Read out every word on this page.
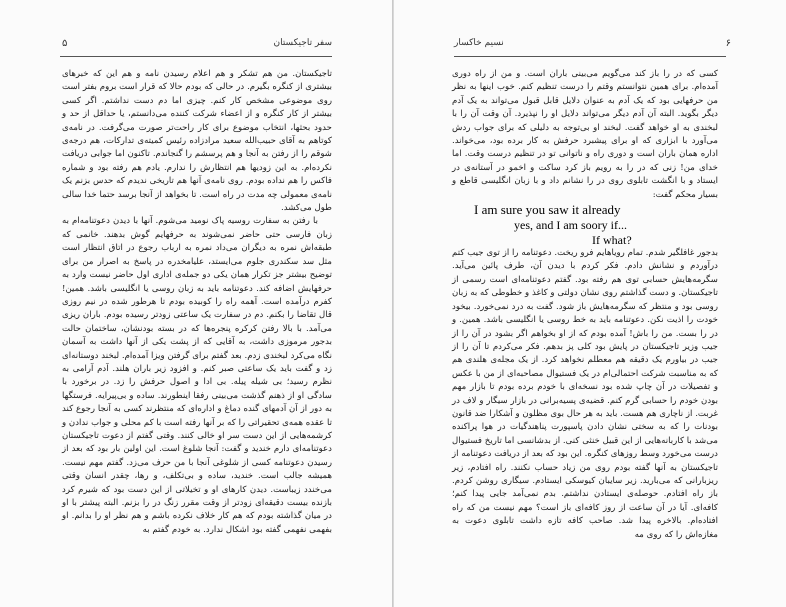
سفر تاجیکستان
۵

تاجیکستان. من هم تشکر و هم اعلام رسیدن نامه و هم این که خبرهای بیشتری از کنگره بگیرم. در حالی که بودم حالا که قرار است بروم بفتر است روی موضوعی مشخص کار کنم. چیزی اما دم دست نداشتم. اگر کسی بیشتر از کار کنگره و از اعضاء شرکت کننده می‌دانستم، یا حداقل از حد و حدود بحثها، انتخاب موضوع برای کار راحت‌تر صورت می‌گرفت. در نامه‌ی کوتاهم به آقای حبیب‌الله سعید مرادزاده رئیس کمیته‌ی تدارکات، هم درجه‌ی شوقم را از رفتن به آنجا و هم پرسشم را گنجاندم. تاکنون اما جوابی دریافت نکرده‌ام. به این زودیها هم انتظارش را ندارم. یادم هم رفته بود و شماره فاکس را هم نداده بودم. روی نامه‌ی آنها هم تاریخی ندیدم که حدس بزنم یک نامه‌ی معمولی چه مدت در راه است. تا بخواهد از آنجا برسد حتما خدا سالی طول می‌کشد.

با رفتن به سفارت روسیه پاک نومید می‌شوم. آنها با دیدن دعوتنامه‌ام به زبان فارسی حتی حاضر نمی‌شوند به حرفهایم گوش بدهند. خانمی که طبقه‌اش نمره به دیگران می‌داد نمره به ارباب رجوع در اتاق انتظار است مثل سد سکندری جلوم می‌ایستد، علیامخدره در پاسخ به اصرار من برای توضیح بیشتر جز تکرار همان یکی دو جمله‌ی اداری اول حاضر نیست وارد به حرفهایش اضافه کند. دعوتنامه باید به زبان روسی یا انگلیسی باشد. همین! کفرم درآمده است. آهمه راه را کوبیده بودم تا هرطور شده در نیم روزی قال تقاضا را بکنم. دم در سفارت یک ساعتی زودتر رسیده بودم. باران ریزی می‌آمد. با بالا رفتن کرکره پنجره‌ها که در بسته بودنشان، ساختمان حالت بدجور مرموزی داشت، به آقایی که از پشت یکی از آنها داشت به آسمان نگاه می‌کرد لبخندی زدم. بعد گفتم برای گرفتن ویزا آمده‌ام. لبخند دوستانه‌ای زد و گفت باید یک ساعتی صبر کنم. و افزود زیر باران هلند. آدم آرامی به نظرم رسید؛ بی شیله پیله. بی ادا و اصول حرفش را زد. در برخورد با سادگی او از ذهنم گذشت می‌بینی رفقا اینطورند. ساده و بی‌پیرایه. فرستگها به دور از آن آدمهای گنده دماغ و اداره‌ای که منتظرند کسی به آنجا رجوع کند تا عقده همه‌ی تحقیراتی را که بر آنها رفته است با کم محلی و جواب ندادن و کرشمه‌هایی از این دست سر او خالی کنند. وقتی گفتم از دعوت تاجیکستان دعوتنامه‌ای دارم خندید و گفت: آنجا شلوغ است. این اولین بار بود که بعد از رسیدن دعوتنامه کسی از شلوغی آنجا با من حرف می‌زد. گفتم مهم نیست. همیشه جالب است. خندید، ساده و بی‌تکلف، و رها، چقدر انسان وقتی می‌خندد زیباست. دیدن کارهای او و تخیلاتی از این دست بود که شیرم کرد بازنده بیست دقیقه‌ای زودتر از وقت مقرر زنگ در را بزنم. البته پیشتر با او در میان گذاشته بودم که هم کار خلاف نکرده باشم و هم نظر او را بدانم. او بفهمی نفهمی گفته بود اشکال ندارد. به خودم گفتم به

نسیم خاکسار	۶

کسی که در را باز کند می‌گویم می‌بینی باران است. و من از راه دوری آمده‌ام. برای همین نتوانستم وقتم را درست تنظیم کنم. خوب اینها به نظر من حرفهایی بود که یک آدم به عنوان دلایل قابل قبول می‌تواند به یک آدم دیگر بگوید. البته آن آدم دیگر می‌تواند دلایل او را نپذیرد. آن وقت آن را با لبخندی به او خواهد گفت. لبخند او بی‌توجه به دلیلی که برای جواب ردش می‌آورد با ابزاری که او برای پیشبرد حرفش به کار برده بود، می‌خواند. اداره همان باران است و دوری راه و ناتوانی تو در تنظیم درست وقت. اما خدای من! زنی که در را به رویم باز کرد ساکت و اخمو در آستانه‌ی در ایستاد و با انگشت تابلوی روی در را نشانم داد و با زبان انگلیسی قاطع و بسیار محکم گفت:

I am sure you saw it already
yes, and I am soory if...
If what?

بدجور غافلگیر شدم. تمام رویاهایم فرو ریخت. دعوتنامه را از توی جیب کتم درآوردم و نشانش دادم. فکر کردم با دیدن آن، طرف پائین می‌آید. سگرمه‌هایش حسابی توی هم رفته بود. گفتم دعوتنامه‌ای است رسمی از تاجیکستان. و دست گذاشتم روی نشان دولتی و کاغذ و خطوطی که به زبان روسی بود و منتظر که سگرمه‌هایش باز شود. گفت به درد نمی‌خورد. بیخود خودت را اذیت نکن. دعوتنامه باید به خط روسی یا انگلیسی باشد. همین. و در را بست. من را باش! آمده بودم که از او بخواهم اگر بشود در آن را از جیب وزیر تاجیکستان در پایش بود کلی پز بدهم. فکر می‌کردم تا آن را از جیب در بیاورم یک دقیقه هم معطلم نخواهد کرد. از یک مجله‌ی هلندی هم که به مناسبت شرکت احتمالی‌ام در یک فستیوال مصاحبه‌ای از من با عکس و تفصیلات در آن چاپ شده بود نسخه‌ای با خودم برده بودم تا بازار مهم بودن خودم را حسابی گرم کنم. قضیه‌ی پسیه‌برانی در بازار سیگار و لاف در غربت. از ناچاری هم هست. باید به هر حال بوی مظلون و آشکارا ضد قانون بودنات را که به سختی نشان دادن پاسپورت پناهندگیات در هوا پراکنده می‌شد با کاربانه‌هایی از این قبیل خنثی کنی. از بدشانسی اما تاریخ فستیوال درست می‌خورد وسط روزهای کنگره. این بود که بعد از دریافت دعوتنامه از تاجیکستان به آنها گفته بودم روی من زیاد حساب نکنند. راه افتادم، زیر ریزبارانی که می‌بارید. زیر سایبان کیوسکی ایستادم. سیگاری روشن کردم. باز راه افتادم. حوصله‌ی ایستادن نداشتم. بدم نمی‌آمد جایی پیدا کنم؛ کافه‌ای. آیا در آن ساعت از روز کافه‌ای باز است؟ مهم نیست من که راه افتاده‌ام. بالاخره پیدا شد. صاحب کافه تازه داشت تابلوی دعوت به مغازه‌اش را که روی مه
